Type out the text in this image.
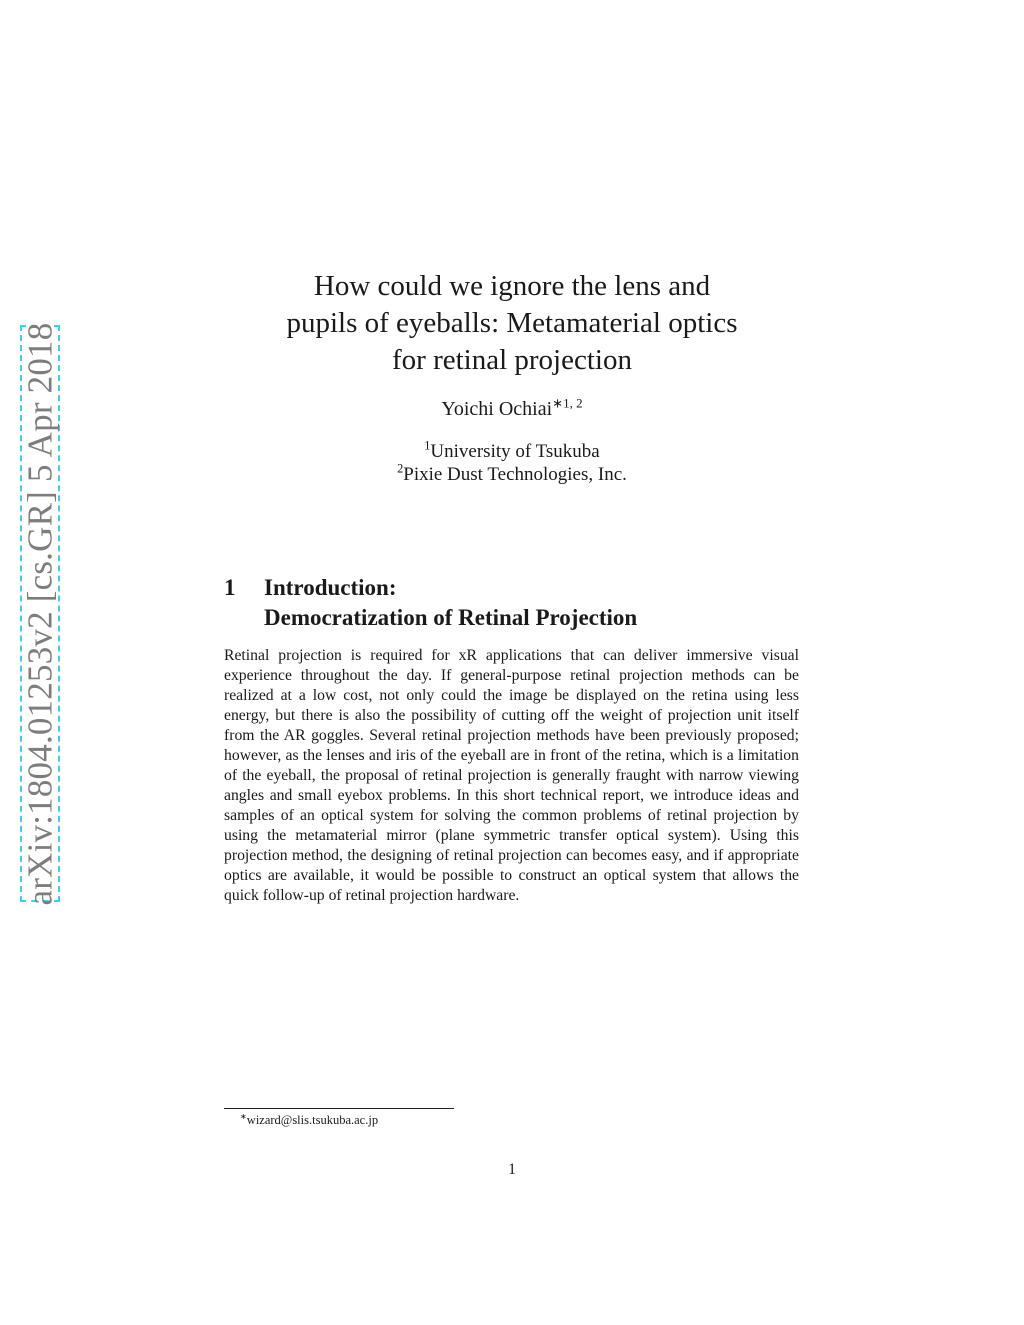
arXiv:1804.01253v2 [cs.GR] 5 Apr 2018
How could we ignore the lens and
pupils of eyeballs: Metamaterial optics
for retinal projection
Yoichi Ochiai$^{∗1, 2}$
$^1$University of Tsukuba
$^2$Pixie Dust Technologies, Inc.
1	Introduction:
Democratization of Retinal Projection

Retinal projection is required for xR applications that can deliver immersive visual experience throughout the day. If general-purpose retinal projection methods can be realized at a low cost, not only could the image be displayed on the retina using less energy, but there is also the possibility of cutting off the weight of projection unit itself from the AR goggles. Several retinal projection methods have been previously proposed; however, as the lenses and iris of the eyeball are in front of the retina, which is a limitation of the eyeball, the proposal of retinal projection is generally fraught with narrow viewing angles and small eyebox problems. In this short technical report, we introduce ideas and samples of an optical system for solving the common problems of retinal projection by using the metamaterial mirror (plane symmetric transfer optical system). Using this projection method, the designing of retinal projection can becomes easy, and if appropriate optics are available, it would be possible to construct an optical system that allows the quick follow-up of retinal projection hardware.

∗wizard@slis.tsukuba.ac.jp
1
